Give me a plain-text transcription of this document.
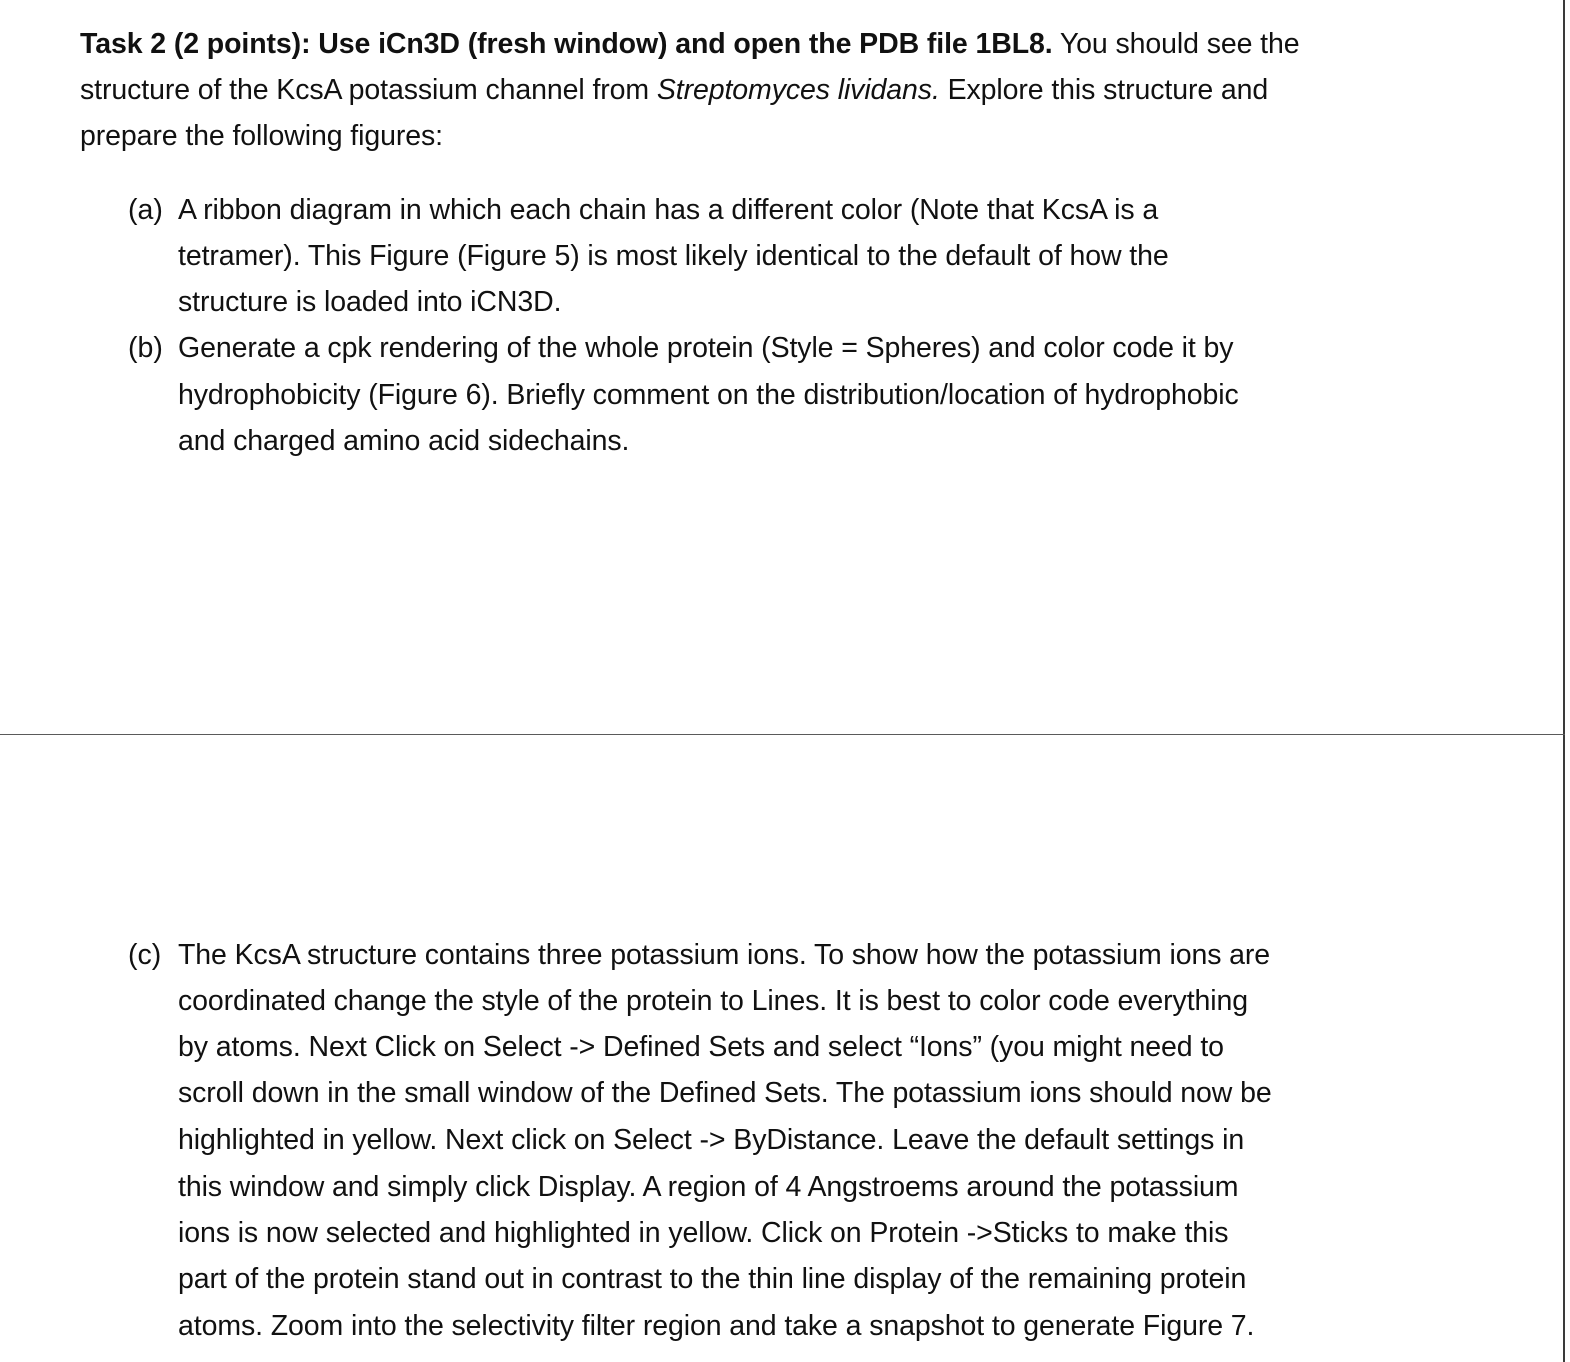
Task 2 (2 points): Use iCn3D (fresh window) and open the PDB file 1BL8. You should see the
structure of the KcsA potassium channel from Streptomyces lividans. Explore this structure and
prepare the following figures:
(a) A ribbon diagram in which each chain has a different color (Note that KcsA is a
tetramer). This Figure (Figure 5) is most likely identical to the default of how the
structure is loaded into iCN3D.
(b) Generate a cpk rendering of the whole protein (Style = Spheres) and color code it by
hydrophobicity (Figure 6). Briefly comment on the distribution/location of hydrophobic
and charged amino acid sidechains.
(c) The KcsA structure contains three potassium ions. To show how the potassium ions are
coordinated change the style of the protein to Lines. It is best to color code everything
by atoms. Next Click on Select -> Defined Sets and select “Ions” (you might need to
scroll down in the small window of the Defined Sets. The potassium ions should now be
highlighted in yellow. Next click on Select -> ByDistance. Leave the default settings in
this window and simply click Display. A region of 4 Angstroems around the potassium
ions is now selected and highlighted in yellow. Click on Protein ->Sticks to make this
part of the protein stand out in contrast to the thin line display of the remaining protein
atoms. Zoom into the selectivity filter region and take a snapshot to generate Figure 7.
